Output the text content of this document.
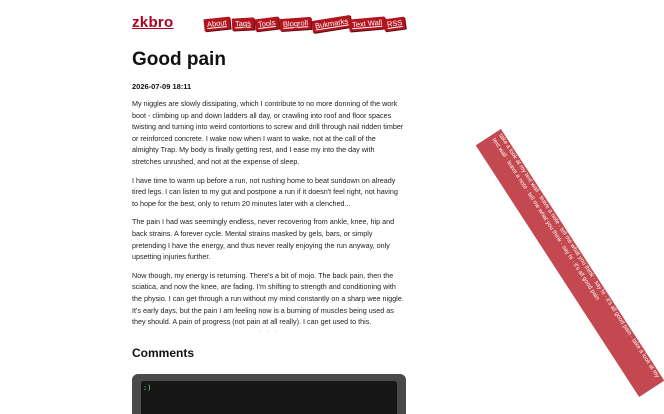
zkbro	About	Tags Tools Blogroll Bukmarks Text Wall RSS
Good pain
2026-07-09 18:11

My niggles are slowly dissipating, which I contribute to no more donning of the work boot - climbing up and down ladders all day, or crawling into roof and floor spaces twisting and turning into weird contortions to screw and drill through nail ridden timber or reinforced concrete. I wake now when I want to wake, not at the call of the almighty Trap. My body is finally getting rest, and I ease my into the day with stretches unrushed, and not at the expense of sleep.

I have time to warm up before a run, not rushing home to beat sundown on already tired legs. I can listen to my gut and postpone a run if it doesn't feel right, not having to hope for the best, only to return 20 minutes later with a clenched...

The pain I had was seemingly endless, never recovering from ankle, knee, hip and back strains. A forever cycle. Mental strains masked by gels, bars, or simply pretending I have the energy, and thus never really enjoying the run anyway, only upsetting injuries further.

Now though, my energy is returning. There's a bit of mojo. The back pain, then the sciatica, and now the knee, are fading. I'm shifting to strength and conditioning with the physio. I can get through a run without my mind constantly on a sharp wee niggle. It's early days, but the pain I am feeling now is a burning of muscles being used as they should. A pain of progress (not pain at all really). I can get used to this.

· · ·
Comments
:)
take a look at my text wall · leave a note · tell me what you think · say hi · it's all good pain · take a look at my text wall · leave a note · tell me what you think · say hi · it's all good pain
